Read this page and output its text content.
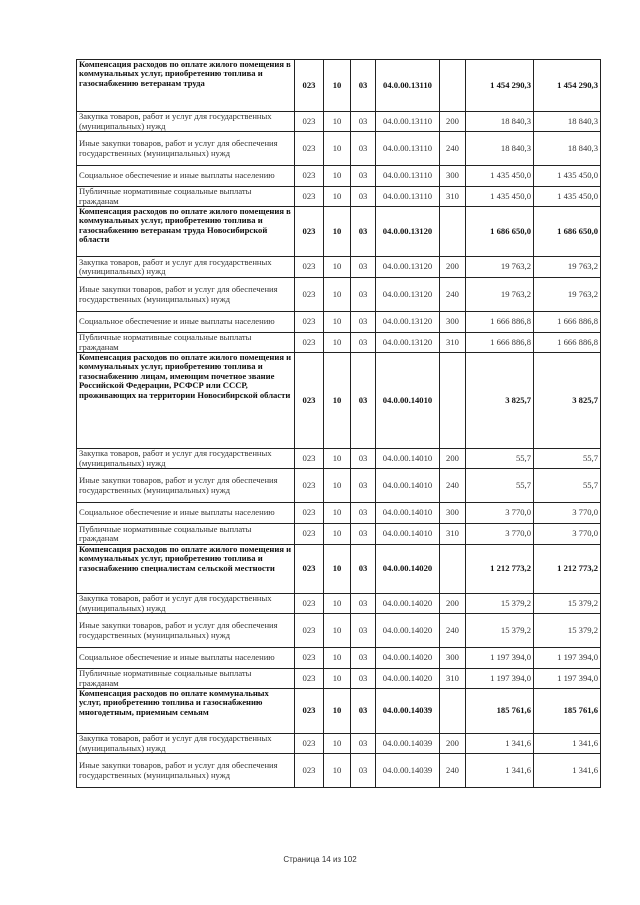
Компенсация расходов по оплате жилого помещения в коммунальных услуг, приобретению топлива и газоснабжению ветеранам труда	023	10	03	04.0.00.13110		1 454 290,3	1 454 290,3
Закупка товаров, работ и услуг для государственных (муниципальных) нужд	023	10	03	04.0.00.13110	200	18 840,3	18 840,3
Иные закупки товаров, работ и услуг для обеспечения государственных (муниципальных) нужд	023	10	03	04.0.00.13110	240	18 840,3	18 840,3
Социальное обеспечение и иные выплаты населению	023	10	03	04.0.00.13110	300	1 435 450,0	1 435 450,0
Публичные нормативные социальные выплаты гражданам	023	10	03	04.0.00.13110	310	1 435 450,0	1 435 450,0
Компенсация расходов по оплате жилого помещения в коммунальных услуг, приобретению топлива и газоснабжению ветеранам труда Новосибирской области	023	10	03	04.0.00.13120		1 686 650,0	1 686 650,0
Закупка товаров, работ и услуг для государственных (муниципальных) нужд	023	10	03	04.0.00.13120	200	19 763,2	19 763,2
Иные закупки товаров, работ и услуг для обеспечения государственных (муниципальных) нужд	023	10	03	04.0.00.13120	240	19 763,2	19 763,2
Социальное обеспечение и иные выплаты населению	023	10	03	04.0.00.13120	300	1 666 886,8	1 666 886,8
Публичные нормативные социальные выплаты гражданам	023	10	03	04.0.00.13120	310	1 666 886,8	1 666 886,8
Компенсация расходов по оплате жилого помещения и коммунальных услуг, приобретению топлива и газоснабжению лицам, имеющим почетное звание Российской Федерации, РСФСР или СССР, проживающих на территории Новосибирской области	023	10	03	04.0.00.14010		3 825,7	3 825,7
Закупка товаров, работ и услуг для государственных (муниципальных) нужд	023	10	03	04.0.00.14010	200	55,7	55,7
Иные закупки товаров, работ и услуг для обеспечения государственных (муниципальных) нужд	023	10	03	04.0.00.14010	240	55,7	55,7
Социальное обеспечение и иные выплаты населению	023	10	03	04.0.00.14010	300	3 770,0	3 770,0
Публичные нормативные социальные выплаты гражданам	023	10	03	04.0.00.14010	310	3 770,0	3 770,0
Компенсация расходов по оплате жилого помещения и коммунальных услуг, приобретению топлива и газоснабжению специалистам сельской местности	023	10	03	04.0.00.14020		1 212 773,2	1 212 773,2
Закупка товаров, работ и услуг для государственных (муниципальных) нужд	023	10	03	04.0.00.14020	200	15 379,2	15 379,2
Иные закупки товаров, работ и услуг для обеспечения государственных (муниципальных) нужд	023	10	03	04.0.00.14020	240	15 379,2	15 379,2
Социальное обеспечение и иные выплаты населению	023	10	03	04.0.00.14020	300	1 197 394,0	1 197 394,0
Публичные нормативные социальные выплаты гражданам	023	10	03	04.0.00.14020	310	1 197 394,0	1 197 394,0
Компенсация расходов по оплате коммунальных услуг, приобретению топлива и газоснабжению многодетным, приемным семьям	023	10	03	04.0.00.14039		185 761,6	185 761,6
Закупка товаров, работ и услуг для государственных (муниципальных) нужд	023	10	03	04.0.00.14039	200	1 341,6	1 341,6
Иные закупки товаров, работ и услуг для обеспечения государственных (муниципальных) нужд	023	10	03	04.0.00.14039	240	1 341,6	1 341,6
Страница 14 из 102
